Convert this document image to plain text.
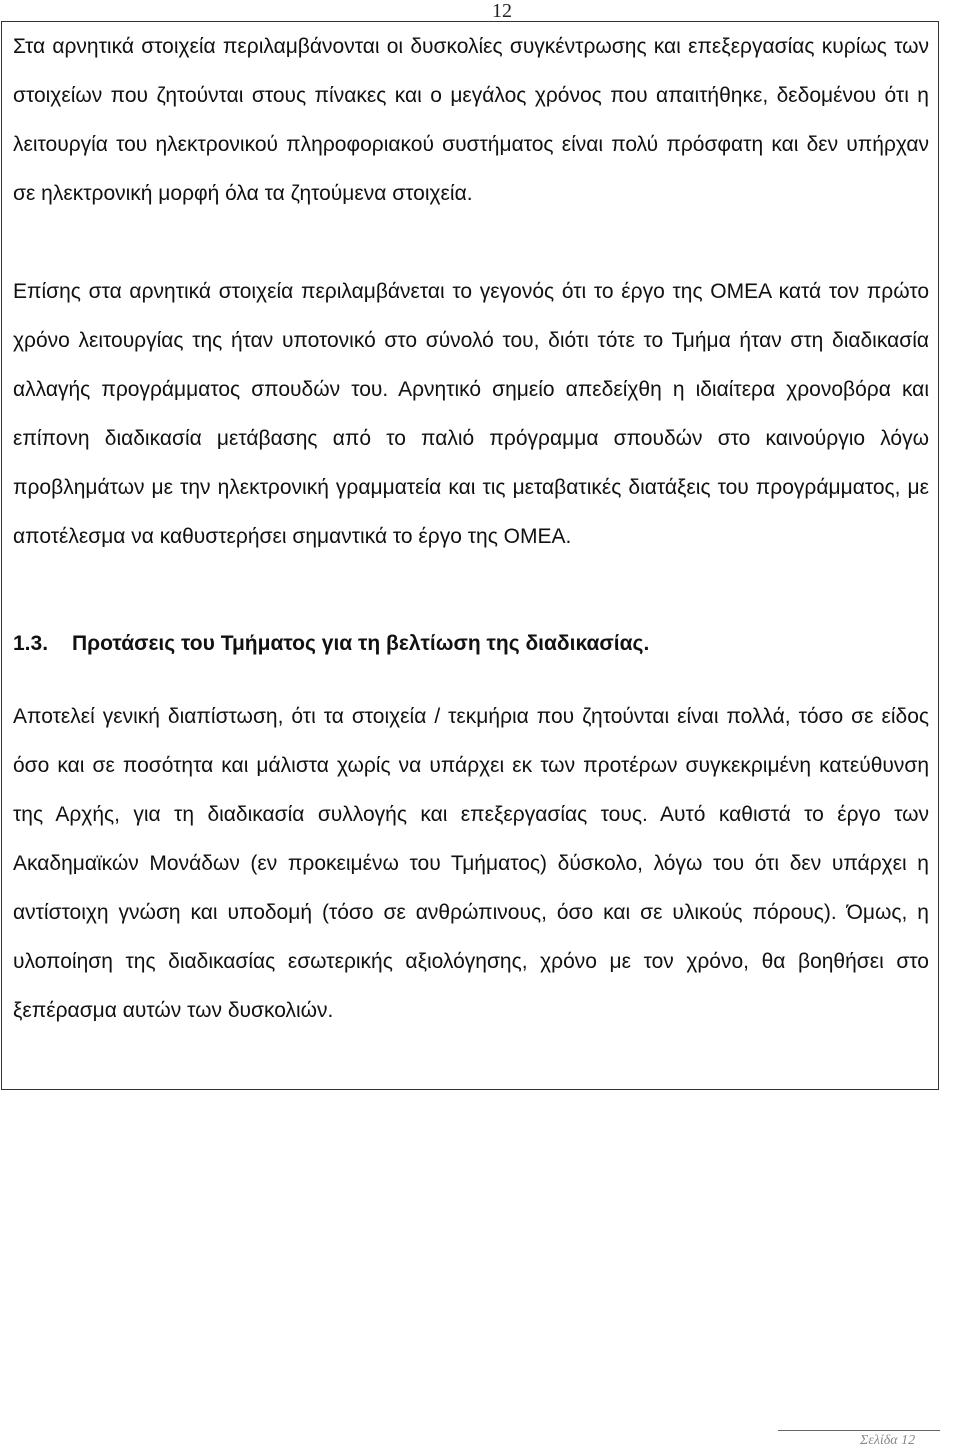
12

Στα αρνητικά στοιχεία περιλαμβάνονται οι δυσκολίες συγκέντρωσης και επεξεργασίας κυρίως των στοιχείων που ζητούνται στους πίνακες και ο μεγάλος χρόνος που απαιτήθηκε, δεδομένου ότι η λειτουργία του ηλεκτρονικού πληροφοριακού συστήματος είναι πολύ πρόσφατη και δεν υπήρχαν σε ηλεκτρονική μορφή όλα τα ζητούμενα στοιχεία.

Επίσης στα αρνητικά στοιχεία περιλαμβάνεται το γεγονός ότι το έργο της ΟΜΕΑ κατά τον πρώτο χρόνο λειτουργίας της ήταν υποτονικό στο σύνολό του, διότι τότε το Τμήμα ήταν στη διαδικασία αλλαγής προγράμματος σπουδών του. Αρνητικό σημείο απεδείχθη η ιδιαίτερα χρονοβόρα και επίπονη διαδικασία μετάβασης από το παλιό πρόγραμμα σπουδών στο καινούργιο λόγω προβλημάτων με την ηλεκτρονική γραμματεία και τις μεταβατικές διατάξεις του προγράμματος, με αποτέλεσμα να καθυστερήσει σημαντικά το έργο της ΟΜΕΑ.

1.3. Προτάσεις του Τμήματος για τη βελτίωση της διαδικασίας.

Αποτελεί γενική διαπίστωση, ότι τα στοιχεία / τεκμήρια που ζητούνται είναι πολλά, τόσο σε είδος όσο και σε ποσότητα και μάλιστα χωρίς να υπάρχει εκ των προτέρων συγκεκριμένη κατεύθυνση της Αρχής, για τη διαδικασία συλλογής και επεξεργασίας τους. Αυτό καθιστά το έργο των Ακαδημαϊκών Μονάδων (εν προκειμένω του Τμήματος) δύσκολο, λόγω του ότι δεν υπάρχει η αντίστοιχη γνώση και υποδομή (τόσο σε ανθρώπινους, όσο και σε υλικούς πόρους). Όμως, η υλοποίηση της διαδικασίας εσωτερικής αξιολόγησης, χρόνο με τον χρόνο, θα βοηθήσει στο ξεπέρασμα αυτών των δυσκολιών.

Σελίδα 12
